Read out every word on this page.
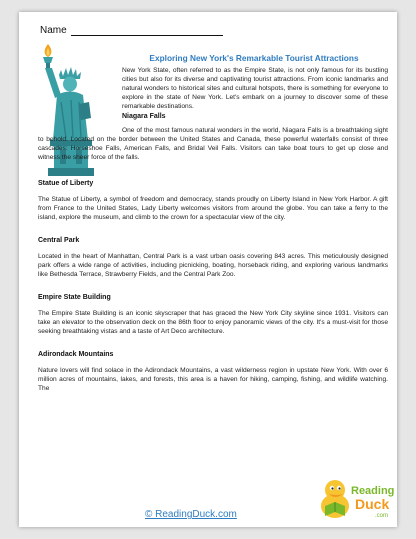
Name
Exploring New York's Remarkable Tourist Attractions

New York State, often referred to as the Empire State, is not only famous for its bustling cities but also for its diverse and captivating tourist attractions. From iconic landmarks and natural wonders to historical sites and cultural hotspots, there is something for everyone to explore in the state of New York. Let's embark on a journey to discover some of these remarkable destinations.

Niagara Falls

One of the most famous natural wonders in the world, Niagara Falls is a breathtaking sight to behold. Located on the border between the United States and Canada, these powerful waterfalls consist of three cascades: Horseshoe Falls, American Falls, and Bridal Veil Falls. Visitors can take boat tours to get up close and witness the sheer force of the falls.

Statue of Liberty

The Statue of Liberty, a symbol of freedom and democracy, stands proudly on Liberty Island in New York Harbor. A gift from France to the United States, Lady Liberty welcomes visitors from around the globe. You can take a ferry to the island, explore the museum, and climb to the crown for a spectacular view of the city.

Central Park

Located in the heart of Manhattan, Central Park is a vast urban oasis covering 843 acres. This meticulously designed park offers a wide range of activities, including picnicking, boating, horseback riding, and exploring various landmarks like Bethesda Terrace, Strawberry Fields, and the Central Park Zoo.

Empire State Building

The Empire State Building is an iconic skyscraper that has graced the New York City skyline since 1931. Visitors can take an elevator to the observation deck on the 86th floor to enjoy panoramic views of the city. It's a must-visit for those seeking breathtaking vistas and a taste of Art Deco architecture.

Adirondack Mountains

Nature lovers will find solace in the Adirondack Mountains, a vast wilderness region in upstate New York. With over 6 million acres of mountains, lakes, and forests, this area is a haven for hiking, camping, fishing, and wildlife watching. The

© ReadingDuck.com
Reading
Duck
.com
